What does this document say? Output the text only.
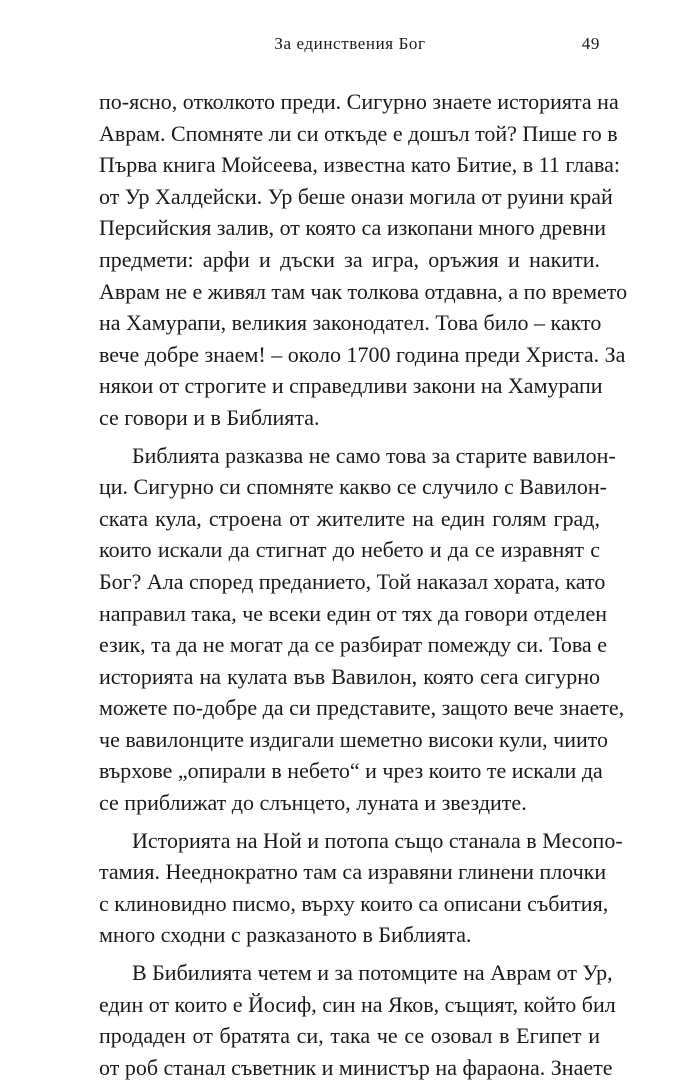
За единствения Бог	49

по-ясно, отколкото преди. Сигурно знаете историята на
Аврам. Спомняте ли си откъде е дошъл той? Пише го в
Първа книга Мойсеева, известна като Битие, в 11 глава:
от Ур Халдейски. Ур беше онази могила от руини край
Персийския залив, от която са изкопани много древни
предмети: арфи и дъски за игра, оръжия и накити.
Аврам не е живял там чак толкова отдавна, а по времето
на Хамурапи, великия законодател. Това било – както
вече добре знаем! – около 1700 година преди Христа. За
някои от строгите и справедливи закони на Хамурапи
се говори и в Библията.

Библията разказва не само това за старите вавилон-
ци. Сигурно си спомняте какво се случило с Вавилон-
ската кула, строена от жителите на един голям град,
които искали да стигнат до небето и да се изравнят с
Бог? Ала според преданието, Той наказал хората, като
направил така, че всеки един от тях да говори отделен
език, та да не могат да се разбират помежду си. Това е
историята на кулата във Вавилон, която сега сигурно
можете по-добре да си представите, защото вече знаете,
че вавилонците издигали шеметно високи кули, чиито
върхове „опирали в небето“ и чрез които те искали да
се приближат до слънцето, луната и звездите.

Историята на Ной и потопа също станала в Месопо-
тамия. Нееднократно там са изравяни глинени плочки
с клиновидно писмо, върху които са описани събития,
много сходни с разказаното в Библията.

В Бибилията четем и за потомците на Аврам от Ур,
един от които е Йосиф, син на Яков, същият, който бил
продаден от братята си, така че се озовал в Египет и
от роб станал съветник и министър на фараона. Знаете
